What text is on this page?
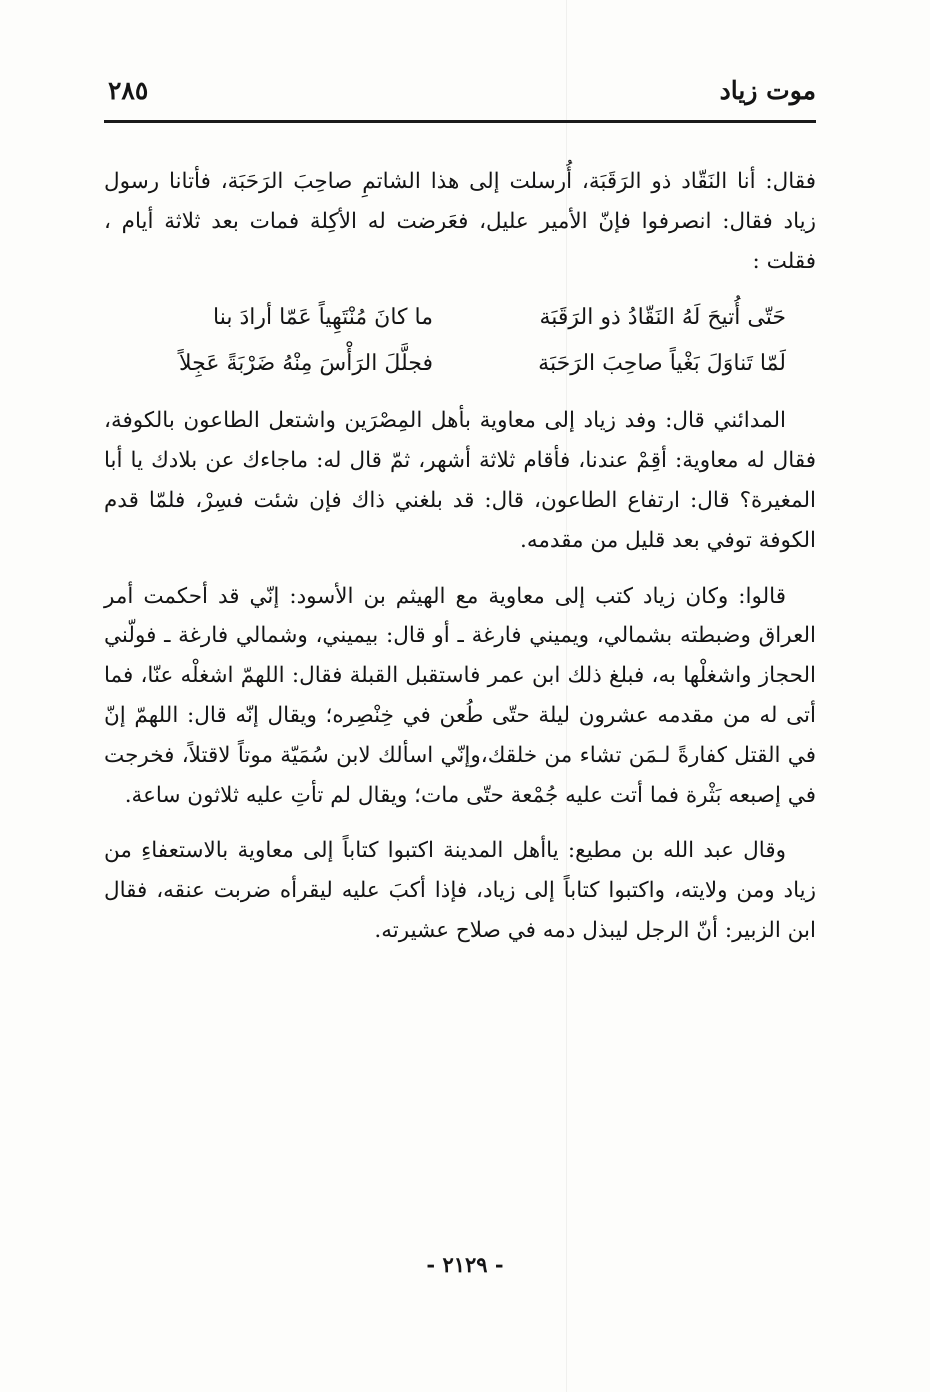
موت زياد
٢٨٥

فقال: أنا النَقّاد ذو الرَقَبَة، أُرسلت إلى هذا الشاتمِ صاحِبَ الرَحَبَة، فأتانا رسول زياد فقال: انصرفوا فإنّ الأمير عليل، فعَرضت له الأكِلة فمات بعد ثلاثة أيام ، فقلت :

حَتّى أُتيحَ لَهُ النَقّادُ ذو الرَقَبَة
ما كانَ مُنْتَهِياً عَمّا أرادَ بنا
لَمّا تَناوَلَ بَغْياً صاحِبَ الرَحَبَة
فجلَّلَ الرَأْسَ مِنْهُ ضَرْبَةً عَجِلاً

المدائني قال: وفد زياد إلى معاوية بأهل المِصْرَين واشتعل الطاعون بالكوفة، فقال له معاوية: أقِمْ عندنا، فأقام ثلاثة أشهر، ثمّ قال له: ماجاءك عن بلادك يا أبا المغيرة؟ قال: ارتفاع الطاعون، قال: قد بلغني ذاك فإن شئت فسِرْ، فلمّا قدم الكوفة توفي بعد قليل من مقدمه.

قالوا: وكان زياد كتب إلى معاوية مع الهيثم بن الأسود: إنّي قد أحكمت أمر العراق وضبطته بشمالي، ويميني فارغة ـ أو قال: بيميني، وشمالي فارغة ـ فولّني الحجاز واشغلْها به، فبلغ ذلك ابن عمر فاستقبل القبلة فقال: اللهمّ اشغلْه عنّا، فما أتى له من مقدمه عشرون ليلة حتّى طُعن في خِنْصِره؛ ويقال إنّه قال: اللهمّ إنّ في القتل كفارةً لـمَن تشاء من خلقك،وإنّي اسألك لابن سُمَيّة موتاً لاقتلاً، فخرجت في إصبعه بَثْرة فما أتت عليه جُمْعة حتّى مات؛ ويقال لم تأتِ عليه ثلاثون ساعة.

وقال عبد الله بن مطيع: ياأهل المدينة اكتبوا كتاباً إلى معاوية بالاستعفاءِ من زياد ومن ولايته، واكتبوا كتاباً إلى زياد، فإذا أكبَ عليه ليقرأه ضربت عنقه، فقال ابن الزبير: أنّ الرجل ليبذل دمه في صلاح عشيرته.

- ٢١٢٩ -
